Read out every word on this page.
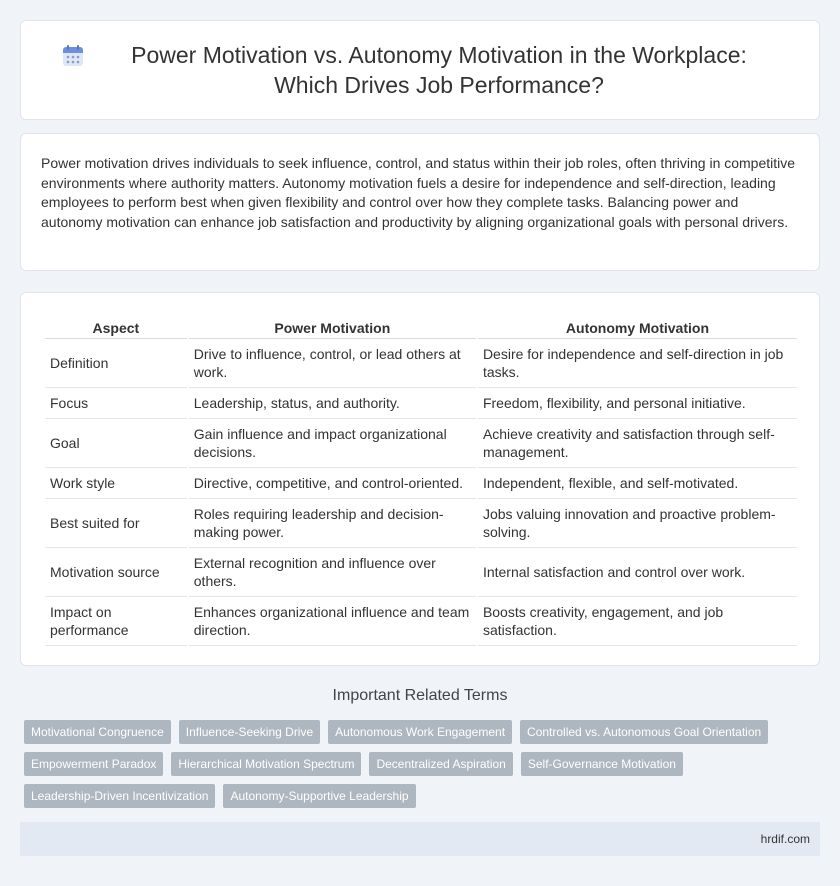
Power Motivation vs. Autonomy Motivation in the Workplace: Which Drives Job Performance?

Power motivation drives individuals to seek influence, control, and status within their job roles, often thriving in competitive environments where authority matters. Autonomy motivation fuels a desire for independence and self-direction, leading employees to perform best when given flexibility and control over how they complete tasks. Balancing power and autonomy motivation can enhance job satisfaction and productivity by aligning organizational goals with personal drivers.

Aspect	Power Motivation	Autonomy Motivation
Definition	Drive to influence, control, or lead others at work.	Desire for independence and self-direction in job tasks.
Focus	Leadership, status, and authority.	Freedom, flexibility, and personal initiative.
Goal	Gain influence and impact organizational decisions.	Achieve creativity and satisfaction through self-management.
Work style	Directive, competitive, and control-oriented.	Independent, flexible, and self-motivated.
Best suited for	Roles requiring leadership and decision-making power.	Jobs valuing innovation and proactive problem-solving.
Motivation source	External recognition and influence over others.	Internal satisfaction and control over work.
Impact on performance	Enhances organizational influence and team direction.	Boosts creativity, engagement, and job satisfaction.
Important Related Terms
Motivational Congruence	Influence-Seeking Drive	Autonomous Work Engagement	Controlled vs. Autonomous Goal Orientation
Empowerment Paradox	Hierarchical Motivation Spectrum	Decentralized Aspiration	Self-Governance Motivation
Leadership-Driven Incentivization	Autonomy-Supportive Leadership
hrdif.com
